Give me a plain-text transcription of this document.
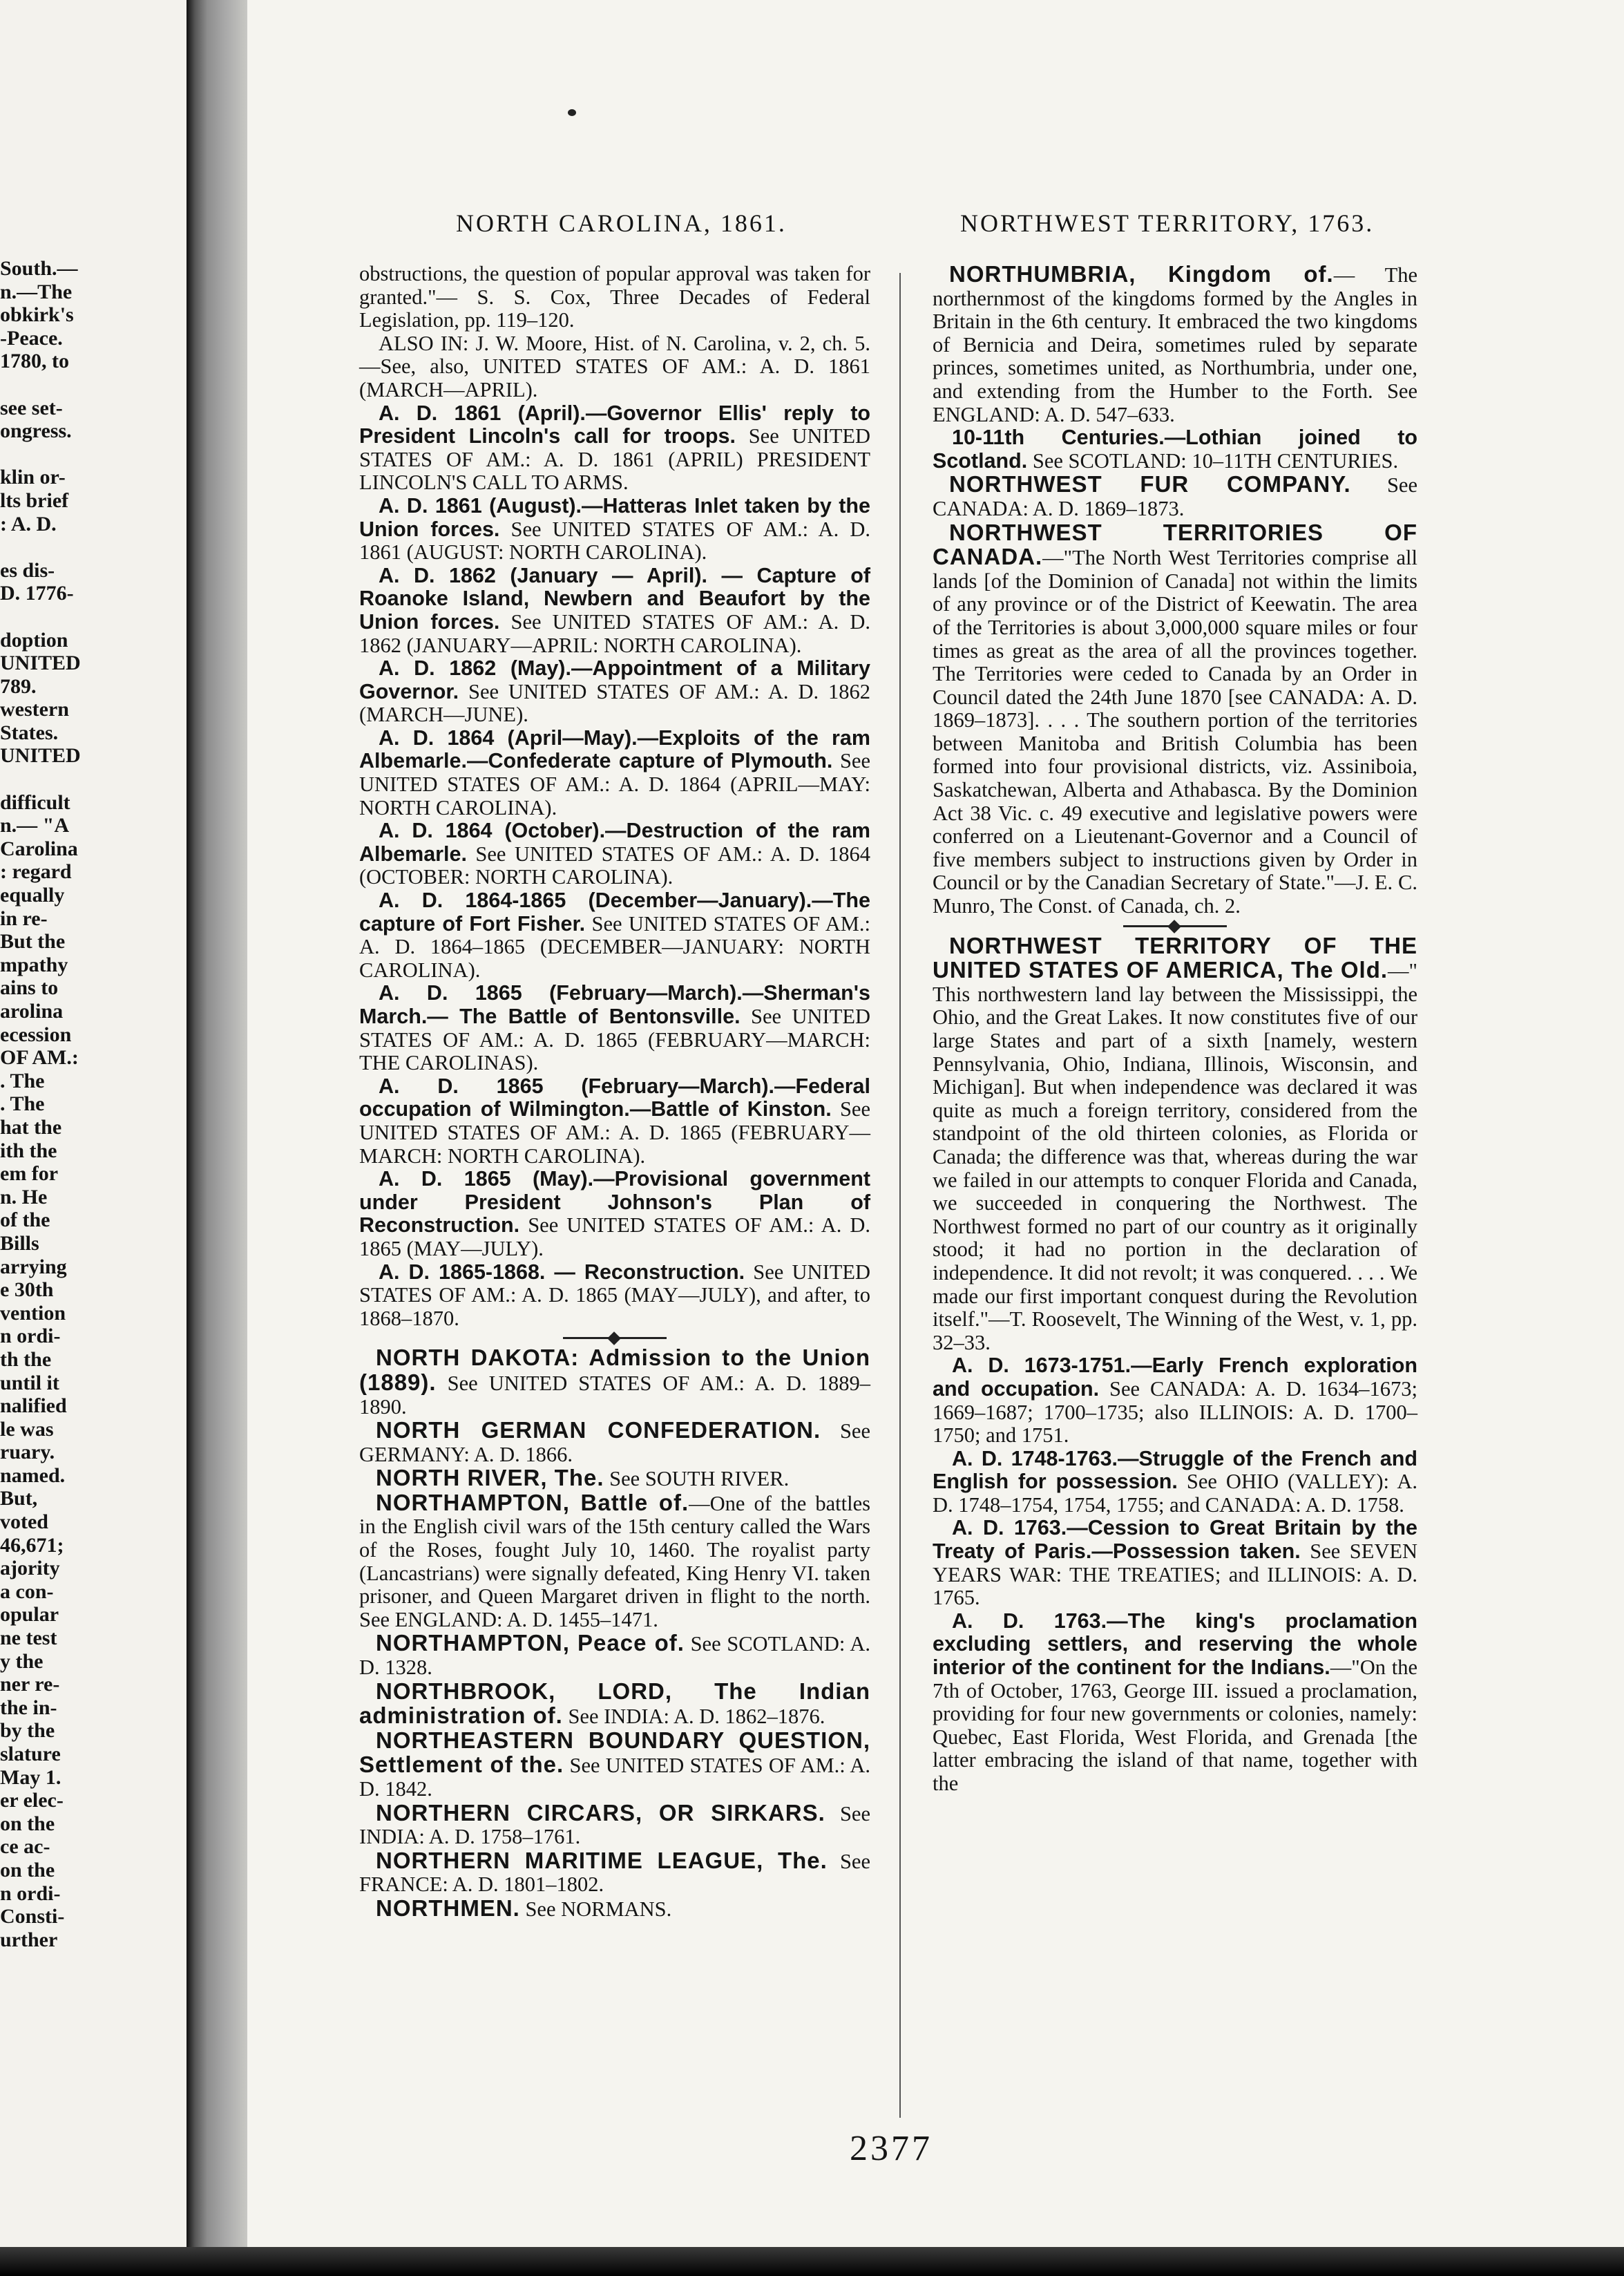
South.—
n.—The
obkirk's
-Peace.
1780, to

see set-
ongress.

klin or-
lts brief
: A. D.

es dis-
D. 1776-

doption
UNITED
789.
western
States.
UNITED

difficult
n.— "A
Carolina
: regard
equally
in re-
But the
mpathy
ains to
arolina
ecession
OF AM.:
. The
. The
hat the
ith the
em for
n. He
of the
Bills
arrying
e 30th
vention
n ordi-
th the
until it
nalified
le was
ruary.
named.
But,
voted
46,671;
ajority
a con-
opular
ne test
y the
ner re-
the in-
by the
slature
May 1.
er elec-
on the
ce ac-
on the
n ordi-
Consti-
urther
NORTH CAROLINA, 1861.	NORTHWEST TERRITORY, 1763.

obstructions, the question of popular approval was taken for granted."— S. S. Cox, Three Decades of Federal Legislation, pp. 119–120.

ALSO IN: J. W. Moore, Hist. of N. Carolina, v. 2, ch. 5.—See, also, UNITED STATES OF AM.: A. D. 1861 (MARCH—APRIL).

A. D. 1861 (April).—Governor Ellis' reply to President Lincoln's call for troops. See UNITED STATES OF AM.: A. D. 1861 (APRIL) PRESIDENT LINCOLN'S CALL TO ARMS.

A. D. 1861 (August).—Hatteras Inlet taken by the Union forces. See UNITED STATES OF AM.: A. D. 1861 (AUGUST: NORTH CAROLINA).

A. D. 1862 (January — April). — Capture of Roanoke Island, Newbern and Beaufort by the Union forces. See UNITED STATES OF AM.: A. D. 1862 (JANUARY—APRIL: NORTH CAROLINA).

A. D. 1862 (May).—Appointment of a Military Governor. See UNITED STATES OF AM.: A. D. 1862 (MARCH—JUNE).

A. D. 1864 (April—May).—Exploits of the ram Albemarle.—Confederate capture of Plymouth. See UNITED STATES OF AM.: A. D. 1864 (APRIL—MAY: NORTH CAROLINA).

A. D. 1864 (October).—Destruction of the ram Albemarle. See UNITED STATES OF AM.: A. D. 1864 (OCTOBER: NORTH CAROLINA).

A. D. 1864-1865 (December—January).—The capture of Fort Fisher. See UNITED STATES OF AM.: A. D. 1864–1865 (DECEMBER—JANUARY: NORTH CAROLINA).

A. D. 1865 (February—March).—Sherman's March.— The Battle of Bentonsville. See UNITED STATES OF AM.: A. D. 1865 (FEBRUARY—MARCH: THE CAROLINAS).

A. D. 1865 (February—March).—Federal occupation of Wilmington.—Battle of Kinston. See UNITED STATES OF AM.: A. D. 1865 (FEBRUARY—MARCH: NORTH CAROLINA).

A. D. 1865 (May).—Provisional government under President Johnson's Plan of Reconstruction. See UNITED STATES OF AM.: A. D. 1865 (MAY—JULY).

A. D. 1865-1868. — Reconstruction. See UNITED STATES OF AM.: A. D. 1865 (MAY—JULY), and after, to 1868–1870.

NORTH DAKOTA: Admission to the Union (1889). See UNITED STATES OF AM.: A. D. 1889–1890.

NORTH GERMAN CONFEDERATION. See GERMANY: A. D. 1866.

NORTH RIVER, The. See SOUTH RIVER.

NORTHAMPTON, Battle of.—One of the battles in the English civil wars of the 15th century called the Wars of the Roses, fought July 10, 1460. The royalist party (Lancastrians) were signally defeated, King Henry VI. taken prisoner, and Queen Margaret driven in flight to the north. See ENGLAND: A. D. 1455–1471.

NORTHAMPTON, Peace of. See SCOTLAND: A. D. 1328.

NORTHBROOK, LORD, The Indian administration of. See INDIA: A. D. 1862–1876.

NORTHEASTERN BOUNDARY QUESTION, Settlement of the. See UNITED STATES OF AM.: A. D. 1842.

NORTHERN CIRCARS, OR SIRKARS. See INDIA: A. D. 1758–1761.

NORTHERN MARITIME LEAGUE, The. See FRANCE: A. D. 1801–1802.

NORTHMEN. See NORMANS.

NORTHUMBRIA, Kingdom of.— The northernmost of the kingdoms formed by the Angles in Britain in the 6th century. It embraced the two kingdoms of Bernicia and Deira, sometimes ruled by separate princes, sometimes united, as Northumbria, under one, and extending from the Humber to the Forth. See ENGLAND: A. D. 547–633.

10-11th Centuries.—Lothian joined to Scotland. See SCOTLAND: 10–11TH CENTURIES.

NORTHWEST FUR COMPANY. See CANADA: A. D. 1869–1873.

NORTHWEST TERRITORIES OF CANADA.—"The North West Territories comprise all lands [of the Dominion of Canada] not within the limits of any province or of the District of Keewatin. The area of the Territories is about 3,000,000 square miles or four times as great as the area of all the provinces together. The Territories were ceded to Canada by an Order in Council dated the 24th June 1870 [see CANADA: A. D. 1869–1873]. . . . The southern portion of the territories between Manitoba and British Columbia has been formed into four provisional districts, viz. Assiniboia, Saskatchewan, Alberta and Athabasca. By the Dominion Act 38 Vic. c. 49 executive and legislative powers were conferred on a Lieutenant-Governor and a Council of five members subject to instructions given by Order in Council or by the Canadian Secretary of State."—J. E. C. Munro, The Const. of Canada, ch. 2.

NORTHWEST TERRITORY OF THE UNITED STATES OF AMERICA, The Old.—" This northwestern land lay between the Mississippi, the Ohio, and the Great Lakes. It now constitutes five of our large States and part of a sixth [namely, western Pennsylvania, Ohio, Indiana, Illinois, Wisconsin, and Michigan]. But when independence was declared it was quite as much a foreign territory, considered from the standpoint of the old thirteen colonies, as Florida or Canada; the difference was that, whereas during the war we failed in our attempts to conquer Florida and Canada, we succeeded in conquering the Northwest. The Northwest formed no part of our country as it originally stood; it had no portion in the declaration of independence. It did not revolt; it was conquered. . . . We made our first important conquest during the Revolution itself."—T. Roosevelt, The Winning of the West, v. 1, pp. 32–33.

A. D. 1673-1751.—Early French exploration and occupation. See CANADA: A. D. 1634–1673; 1669–1687; 1700–1735; also ILLINOIS: A. D. 1700–1750; and 1751.

A. D. 1748-1763.—Struggle of the French and English for possession. See OHIO (VALLEY): A. D. 1748–1754, 1754, 1755; and CANADA: A. D. 1758.

A. D. 1763.—Cession to Great Britain by the Treaty of Paris.—Possession taken. See SEVEN YEARS WAR: THE TREATIES; and ILLINOIS: A. D. 1765.

A. D. 1763.—The king's proclamation excluding settlers, and reserving the whole interior of the continent for the Indians.—"On the 7th of October, 1763, George III. issued a proclamation, providing for four new governments or colonies, namely: Quebec, East Florida, West Florida, and Grenada [the latter embracing the island of that name, together with the

2377
